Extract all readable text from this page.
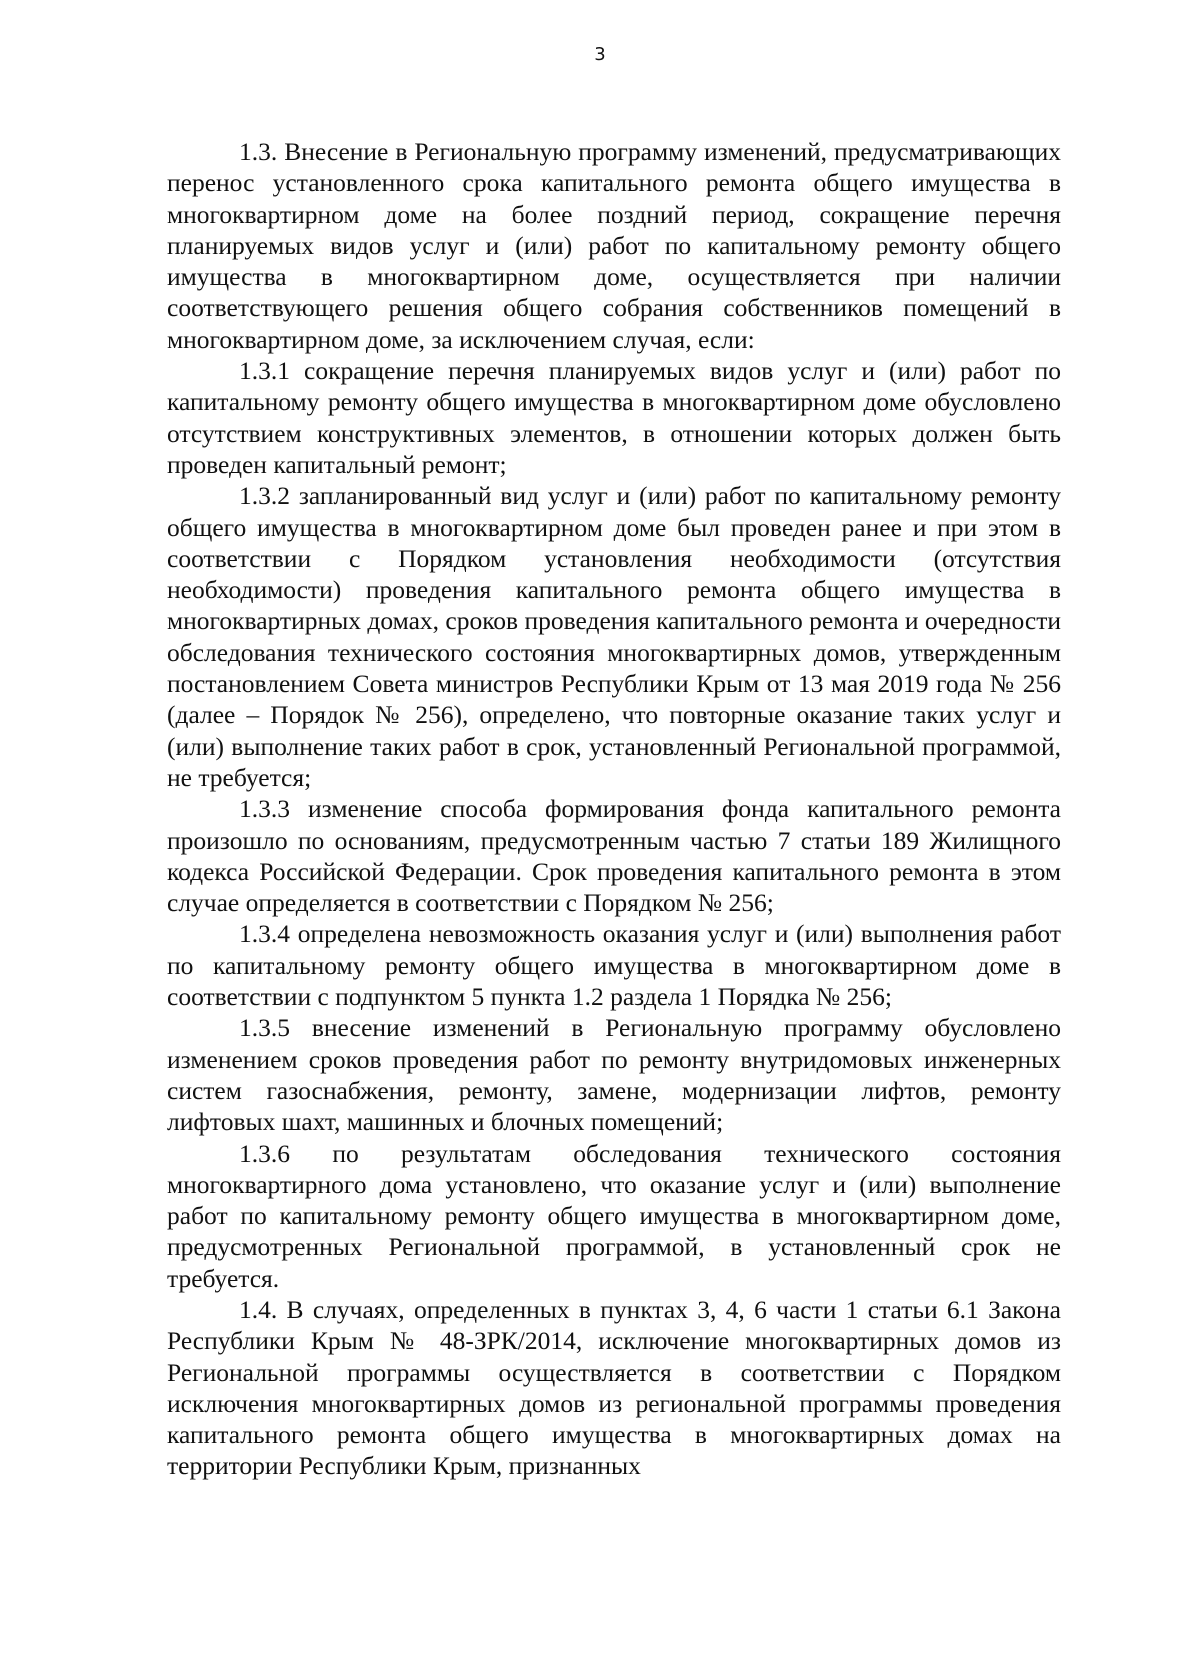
3

1.3. Внесение в Региональную программу изменений, предусматривающих перенос установленного срока капитального ремонта общего имущества в многоквартирном доме на более поздний период, сокращение перечня планируемых видов услуг и (или) работ по капитальному ремонту общего имущества в многоквартирном доме, осуществляется при наличии соответствующего решения общего собрания собственников помещений в многоквартирном доме, за исключением случая, если:

1.3.1 сокращение перечня планируемых видов услуг и (или) работ по капитальному ремонту общего имущества в многоквартирном доме обусловлено отсутствием конструктивных элементов, в отношении которых должен быть проведен капитальный ремонт;

1.3.2 запланированный вид услуг и (или) работ по капитальному ремонту общего имущества в многоквартирном доме был проведен ранее и при этом в соответствии с Порядком установления необходимости (отсутствия необходимости) проведения капитального ремонта общего имущества в многоквартирных домах, сроков проведения капитального ремонта и очередности обследования технического состояния многоквартирных домов, утвержденным постановлением Совета министров Республики Крым от 13 мая 2019 года № 256 (далее – Порядок № 256), определено, что повторные оказание таких услуг и (или) выполнение таких работ в срок, установленный Региональной программой, не требуется;

1.3.3 изменение способа формирования фонда капитального ремонта произошло по основаниям, предусмотренным частью 7 статьи 189 Жилищного кодекса Российской Федерации. Срок проведения капитального ремонта в этом случае определяется в соответствии с Порядком № 256;

1.3.4 определена невозможность оказания услуг и (или) выполнения работ по капитальному ремонту общего имущества в многоквартирном доме в соответствии с подпунктом 5 пункта 1.2 раздела 1 Порядка № 256;

1.3.5 внесение изменений в Региональную программу обусловлено изменением сроков проведения работ по ремонту внутридомовых инженерных систем газоснабжения, ремонту, замене, модернизации лифтов, ремонту лифтовых шахт, машинных и блочных помещений;

1.3.6 по результатам обследования технического состояния многоквартирного дома установлено, что оказание услуг и (или) выполнение работ по капитальному ремонту общего имущества в многоквартирном доме, предусмотренных Региональной программой, в установленный срок не требуется.

1.4. В случаях, определенных в пунктах 3, 4, 6 части 1 статьи 6.1 Закона Республики Крым № 48-ЗРК/2014, исключение многоквартирных домов из Региональной программы осуществляется в соответствии с Порядком исключения многоквартирных домов из региональной программы проведения капитального ремонта общего имущества в многоквартирных домах на территории Республики Крым, признанных
